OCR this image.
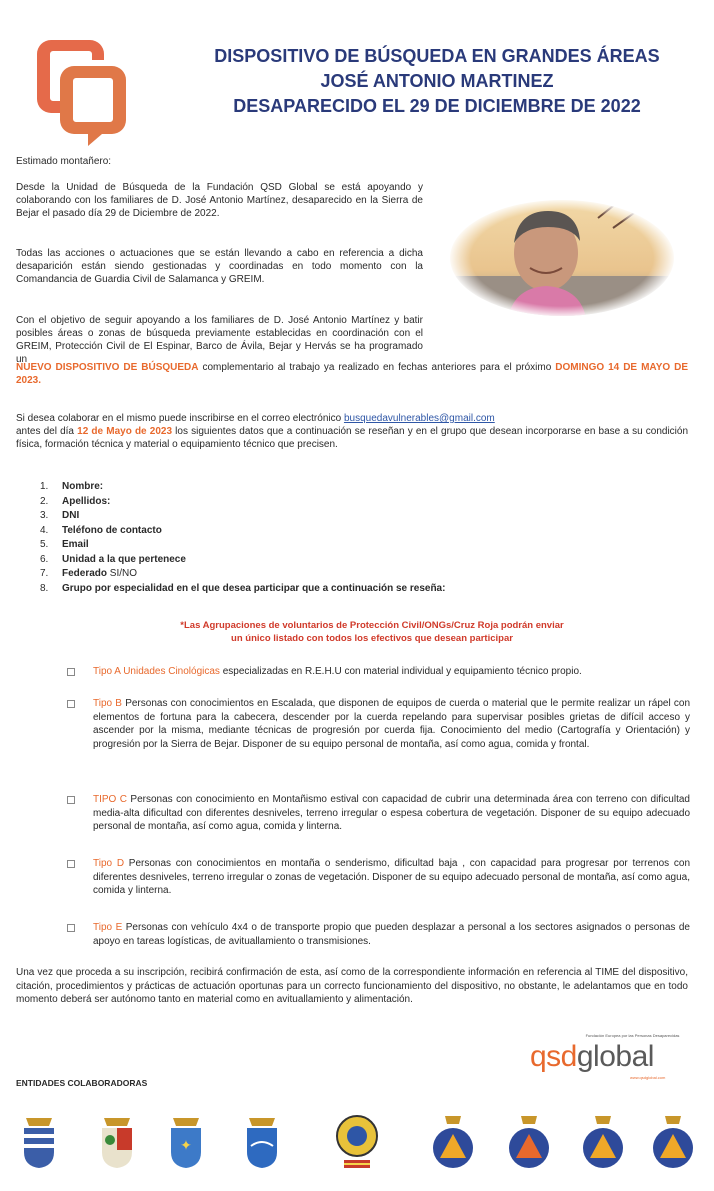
DISPOSITIVO DE BÚSQUEDA EN GRANDES ÁREAS
JOSÉ ANTONIO MARTINEZ
DESAPARECIDO EL 29 DE DICIEMBRE DE 2022

Estimado montañero:

Desde la Unidad de Búsqueda de la Fundación QSD Global se está apoyando y colaborando con los familiares de D. José Antonio Martínez, desaparecido en la Sierra de Bejar el pasado día 29 de Diciembre de 2022.

Todas las acciones o actuaciones que se están llevando a cabo en referencia a dicha desaparición están siendo gestionadas y coordinadas en todo momento con la Comandancia de Guardia Civil de Salamanca y GREIM.

Con el objetivo de seguir apoyando a los familiares de D. José Antonio Martínez y batir posibles áreas o zonas de búsqueda previamente establecidas en coordinación con el GREIM, Protección Civil de El Espinar, Barco de Ávila, Bejar y Hervás se ha programado un

NUEVO DISPOSITIVO DE BÚSQUEDA complementario al trabajo ya realizado en fechas anteriores para el próximo DOMINGO 14 DE MAYO DE 2023.

Si desea colaborar en el mismo puede inscribirse en el correo electrónico busquedavulnerables@gmail.com
antes del día 12 de Mayo de 2023 los siguientes datos que a continuación se reseñan y en el grupo que desean incorporarse en base a su condición física, formación técnica y material o equipamiento técnico que precisen.

1.	Nombre:
2.	Apellidos:
3.	DNI
4.	Teléfono de contacto
5.	Email
6.	Unidad a la que pertenece
7.	Federado SI/NO
8.	Grupo por especialidad en el que desea participar que a continuación se reseña:
*Las Agrupaciones de voluntarios de Protección Civil/ONGs/Cruz Roja podrán enviar
un único listado con todos los efectivos que desean participar
Tipo A Unidades Cinológicas especializadas en R.E.H.U con material individual y equipamiento técnico propio.
Tipo B Personas con conocimientos en Escalada, que disponen de equipos de cuerda o material que le permite realizar un rápel con elementos de fortuna para la cabecera, descender por la cuerda repelando para supervisar posibles grietas de difícil acceso y ascender por la misma, mediante técnicas de progresión por cuerda fija. Conocimiento del medio (Cartografía y Orientación) y progresión por la Sierra de Bejar. Disponer de su equipo personal de montaña, así como agua, comida y frontal.
TIPO C Personas con conocimiento en Montañismo estival con capacidad de cubrir una determinada área con terreno con dificultad media-alta dificultad con diferentes desniveles, terreno irregular o espesa cobertura de vegetación. Disponer de su equipo adecuado personal de montaña, así como agua, comida y linterna.
Tipo D Personas con conocimientos en montaña o senderismo, dificultad baja , con capacidad para progresar por terrenos con diferentes desniveles, terreno irregular o zonas de vegetación. Disponer de su equipo adecuado personal de montaña, así como agua, comida y linterna.
Tipo E Personas con vehículo 4x4 o de transporte propio que pueden desplazar a personal a los sectores asignados o personas de apoyo en tareas logísticas, de avituallamiento o transmisiones.

Una vez que proceda a su inscripción, recibirá confirmación de esta, así como de la correspondiente información en referencia al TIME del dispositivo, citación, procedimientos y prácticas de actuación oportunas para un correcto funcionamiento del dispositivo, no obstante, le adelantamos que en todo momento deberá ser autónomo tanto en material como en avituallamiento y alimentación.

Fundación Europea por las Personas Desaparecidas
qsdglobal
www.qsdglobal.com
ENTIDADES COLABORADORAS
✦
